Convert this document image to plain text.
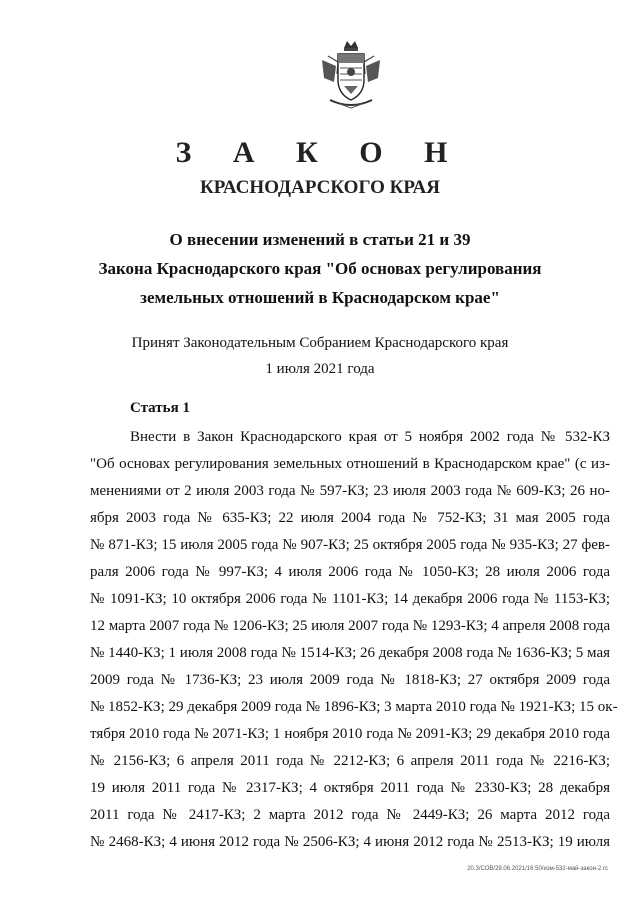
З А К О Н
КРАСНОДАРСКОГО КРАЯ
О внесении изменений в статьи 21 и 39
Закона Краснодарского края "Об основах регулирования
земельных отношений в Краснодарском крае"
Принят Законодательным Собранием Краснодарского края
1 июля 2021 года
Статья 1
Внести в Закон Краснодарского края от 5 ноября 2002 года № 532-КЗ
"Об основах регулирования земельных отношений в Краснодарском крае" (с из-
менениями от 2 июля 2003 года № 597-КЗ; 23 июля 2003 года № 609-КЗ; 26 но-
ября 2003 года № 635-КЗ; 22 июля 2004 года № 752-КЗ; 31 мая 2005 года
№ 871-КЗ; 15 июля 2005 года № 907-КЗ; 25 октября 2005 года № 935-КЗ; 27 фев-
раля 2006 года № 997-КЗ; 4 июля 2006 года № 1050-КЗ; 28 июля 2006 года
№ 1091-КЗ; 10 октября 2006 года № 1101-КЗ; 14 декабря 2006 года № 1153-КЗ;
12 марта 2007 года № 1206-КЗ; 25 июля 2007 года № 1293-КЗ; 4 апреля 2008 года
№ 1440-КЗ; 1 июля 2008 года № 1514-КЗ; 26 декабря 2008 года № 1636-КЗ; 5 мая
2009 года № 1736-КЗ; 23 июля 2009 года № 1818-КЗ; 27 октября 2009 года
№ 1852-КЗ; 29 декабря 2009 года № 1896-КЗ; 3 марта 2010 года № 1921-КЗ; 15 ок-
тября 2010 года № 2071-КЗ; 1 ноября 2010 года № 2091-КЗ; 29 декабря 2010 года
№ 2156-КЗ; 6 апреля 2011 года № 2212-КЗ; 6 апреля 2011 года № 2216-КЗ;
19 июля 2011 года № 2317-КЗ; 4 октября 2011 года № 2330-КЗ; 28 декабря
2011 года № 2417-КЗ; 2 марта 2012 года № 2449-КЗ; 26 марта 2012 года
№ 2468-КЗ; 4 июня 2012 года № 2506-КЗ; 4 июня 2012 года № 2513-КЗ; 19 июля
20.3/СОВ/29.06.2021/16:50/изм-532-май-закон-2 гс
